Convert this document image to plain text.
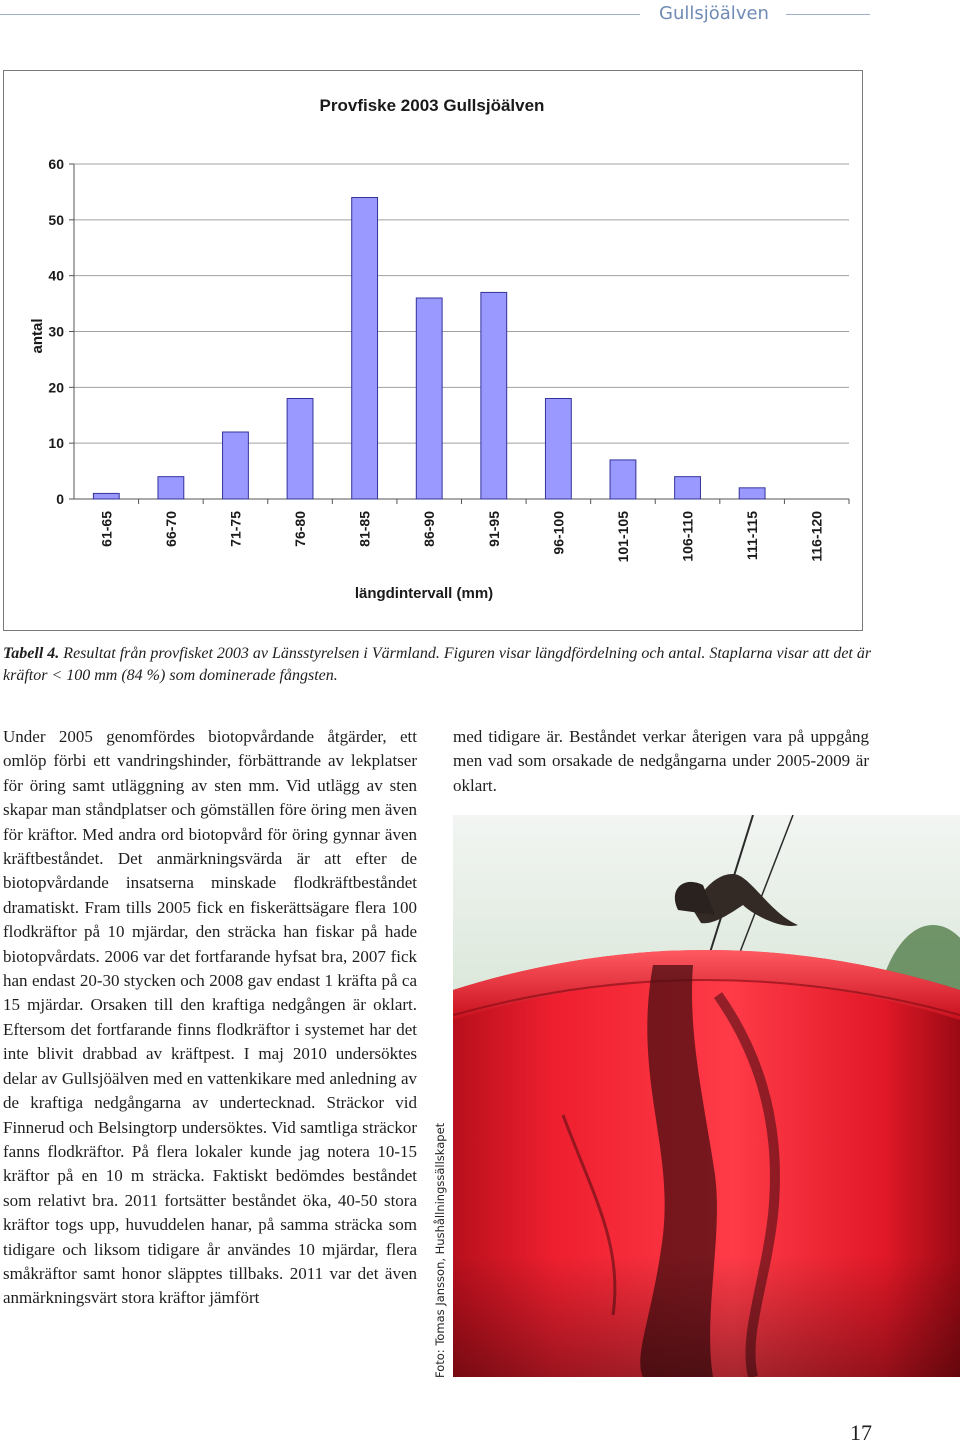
Gullsjöälven
Provfiske 2003 Gullsjöälven
0
10
20
30
40
50
60
61-65	66-70	71-75	76-80	81-85	86-90	91-95	96-100	101-105	106-110	111-115	116-120
längdintervall (mm)
antal
Tabell 4. Resultat från provfisket 2003 av Länsstyrelsen i Värmland. Figuren visar längdfördelning och antal. Staplarna visar att det är kräftor < 100 mm (84 %) som dominerade fångsten.
Under 2005 genomfördes biotopvårdande åtgärder, ett omlöp förbi ett vandringshinder, förbättrande av lekplatser för öring samt utläggning av sten mm. Vid utlägg av sten skapar man ståndplatser och gömställen före öring men även för kräftor. Med andra ord biotopvård för öring gynnar även kräftbeståndet. Det anmärkningsvärda är att efter de biotopvårdande insatserna minskade flodkräftbeståndet dramatiskt. Fram tills 2005 fick en fiskerättsägare flera 100 flodkräftor på 10 mjärdar, den sträcka han fiskar på hade biotopvårdats. 2006 var det fortfarande hyfsat bra, 2007 fick han endast 20-30 stycken och 2008 gav endast 1 kräfta på ca 15 mjärdar. Orsaken till den kraftiga nedgången är oklart. Eftersom det fortfarande finns flodkräftor i systemet har det inte blivit drabbad av kräftpest. I maj 2010 undersöktes delar av Gullsjöälven med en vattenkikare med anledning av de kraftiga nedgångarna av undertecknad. Sträckor vid Finnerud och Belsingtorp undersöktes. Vid samtliga sträckor fanns flodkräftor. På flera lokaler kunde jag notera 10-15 kräftor på en 10 m sträcka. Faktiskt bedömdes beståndet som relativt bra. 2011 fortsätter beståndet öka, 40-50 stora kräftor togs upp, huvuddelen hanar, på samma sträcka som tidigare och liksom tidigare år användes 10 mjärdar, flera småkräftor samt honor släpptes tillbaks. 2011 var det även anmärkningsvärt stora kräftor jämfört
med tidigare är. Beståndet verkar återigen vara på uppgång men vad som orsakade de nedgångarna under 2005-2009 är oklart.
Foto: Tomas Jansson, Hushållningssällskapet
17
